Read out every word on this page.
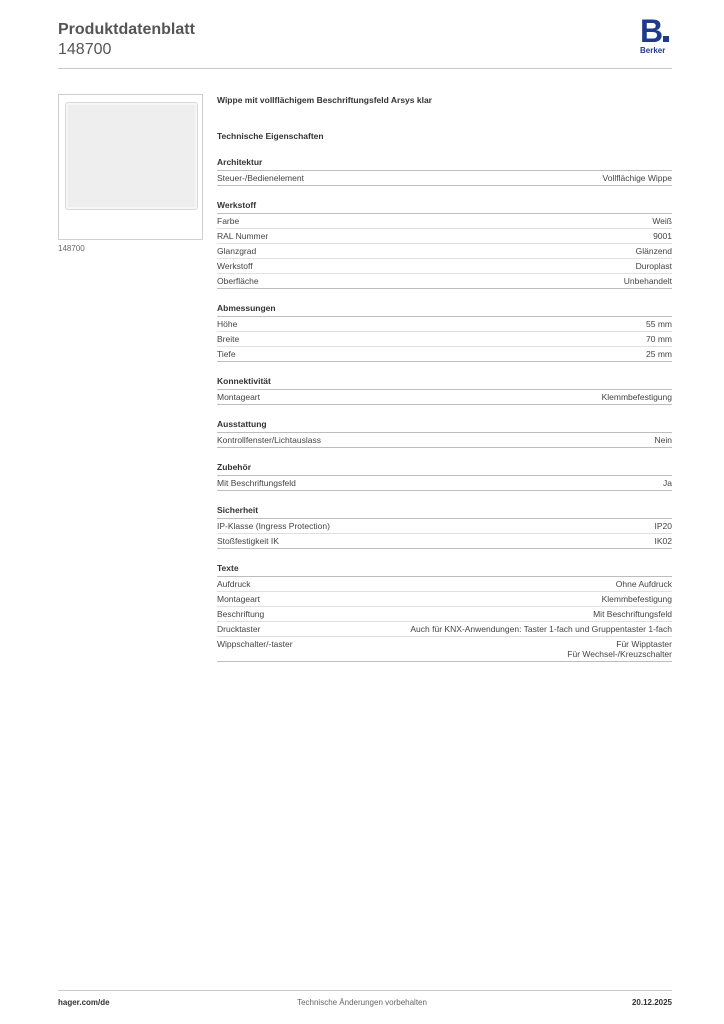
Produktdatenblatt
148700
B
Berker
148700
Wippe mit vollflächigem Beschriftungsfeld Arsys klar
Technische Eigenschaften
Architektur
Steuer-/Bedienelement	Vollflächige Wippe
Werkstoff
Farbe	Weiß
RAL Nummer	9001
Glanzgrad	Glänzend
Werkstoff	Duroplast
Oberfläche	Unbehandelt
Abmessungen
Höhe	55 mm
Breite	70 mm
Tiefe	25 mm
Konnektivität
Montageart	Klemmbefestigung
Ausstattung
Kontrollfenster/Lichtauslass	Nein
Zubehör
Mit Beschriftungsfeld	Ja
Sicherheit
IP-Klasse (Ingress Protection)	IP20
Stoßfestigkeit IK	IK02
Texte
Aufdruck	Ohne Aufdruck
Montageart	Klemmbefestigung
Beschriftung	Mit Beschriftungsfeld
Drucktaster	Auch für KNX-Anwendungen: Taster 1-fach und Gruppentaster 1-fach
Wippschalter/-taster	Für Wipptaster
Für Wechsel-/Kreuzschalter
hager.com/de	Technische Änderungen vorbehalten	20.12.2025
